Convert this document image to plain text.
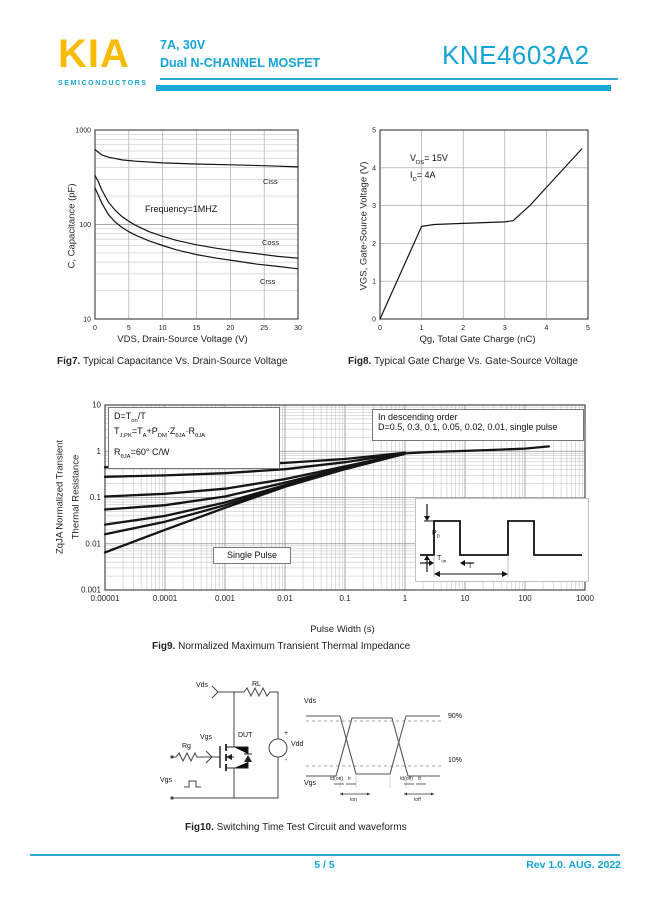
KIA
SEMICONDUCTORS
7A, 30V
Dual N-CHANNEL MOSFET	KNE4603A2
0	5	10	15	20	25	30
10
100
1000
C, Capacitance (pF)
VDS, Drain-Source Voltage (V)
Frequency=1MHZ
Ciss
Coss
Crss
Fig7. Typical Capacitance Vs. Drain-Source Voltage
0	1	2	3	4	5
0
1
2
3
4
5
VGS, Gate-Source Voltage (V)
Qg, Total Gate Charge (nC)
$V_{DS}= 15V$
$I_D= 4A$
Fig8. Typical Gate Charge Vs. Gate-Source Voltage
0.00001	0.0001	0.001	0.01	0.1	1	10	100	1000
10
1
0.1
0.01
0.001
ZqJA Normalized Transient Thermal Resistance
$D=T_{on}/T$
$T_{J,PK}=T_A+P_{DM}\cdot Z_{\theta JA}\cdot R_{\theta JA}$
$R_{\theta JA}=60^\circ$ C/W
In descending order
D=0.5, 0.3, 0.1, 0.05, 0.02, 0.01, single pulse
Single Pulse
$P_D$
$T_{on}$
T
Pulse Width (s)
Fig9. Normalized Maximum Transient Thermal Impedance
Vds	RL
Vgs	DUT
Rg
+
-
Vdd
Vgs
Vds
Vgs
90%
10%
td(on) tr
ton
td(off) tf
toff
Fig10. Switching Time Test Circuit and waveforms
5 / 5	Rev 1.0. AUG. 2022
